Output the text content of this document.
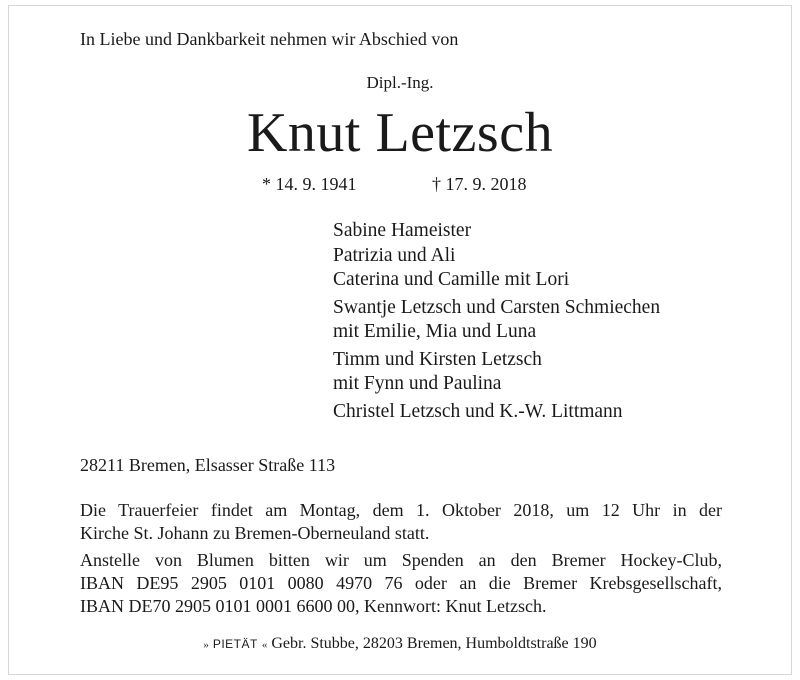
In Liebe und Dankbarkeit nehmen wir Abschied von
Dipl.-Ing.
Knut Letzsch
* 14. 9. 1941	† 17. 9. 2018
Sabine Hameister
Patrizia und Ali
Caterina und Camille mit Lori
Swantje Letzsch und Carsten Schmiechen
mit Emilie, Mia und Luna
Timm und Kirsten Letzsch
mit Fynn und Paulina
Christel Letzsch und K.-W. Littmann
28211 Bremen, Elsasser Straße 113
Die Trauerfeier findet am Montag, dem 1. Oktober 2018, um 12 Uhr in der
Kirche St. Johann zu Bremen-Oberneuland statt.
Anstelle von Blumen bitten wir um Spenden an den Bremer Hockey-Club,
IBAN DE95 2905 0101 0080 4970 76 oder an die Bremer Krebsgesellschaft,
IBAN DE70 2905 0101 0001 6600 00, Kennwort: Knut Letzsch.
» PIETÄT « Gebr. Stubbe, 28203 Bremen, Humboldtstraße 190
